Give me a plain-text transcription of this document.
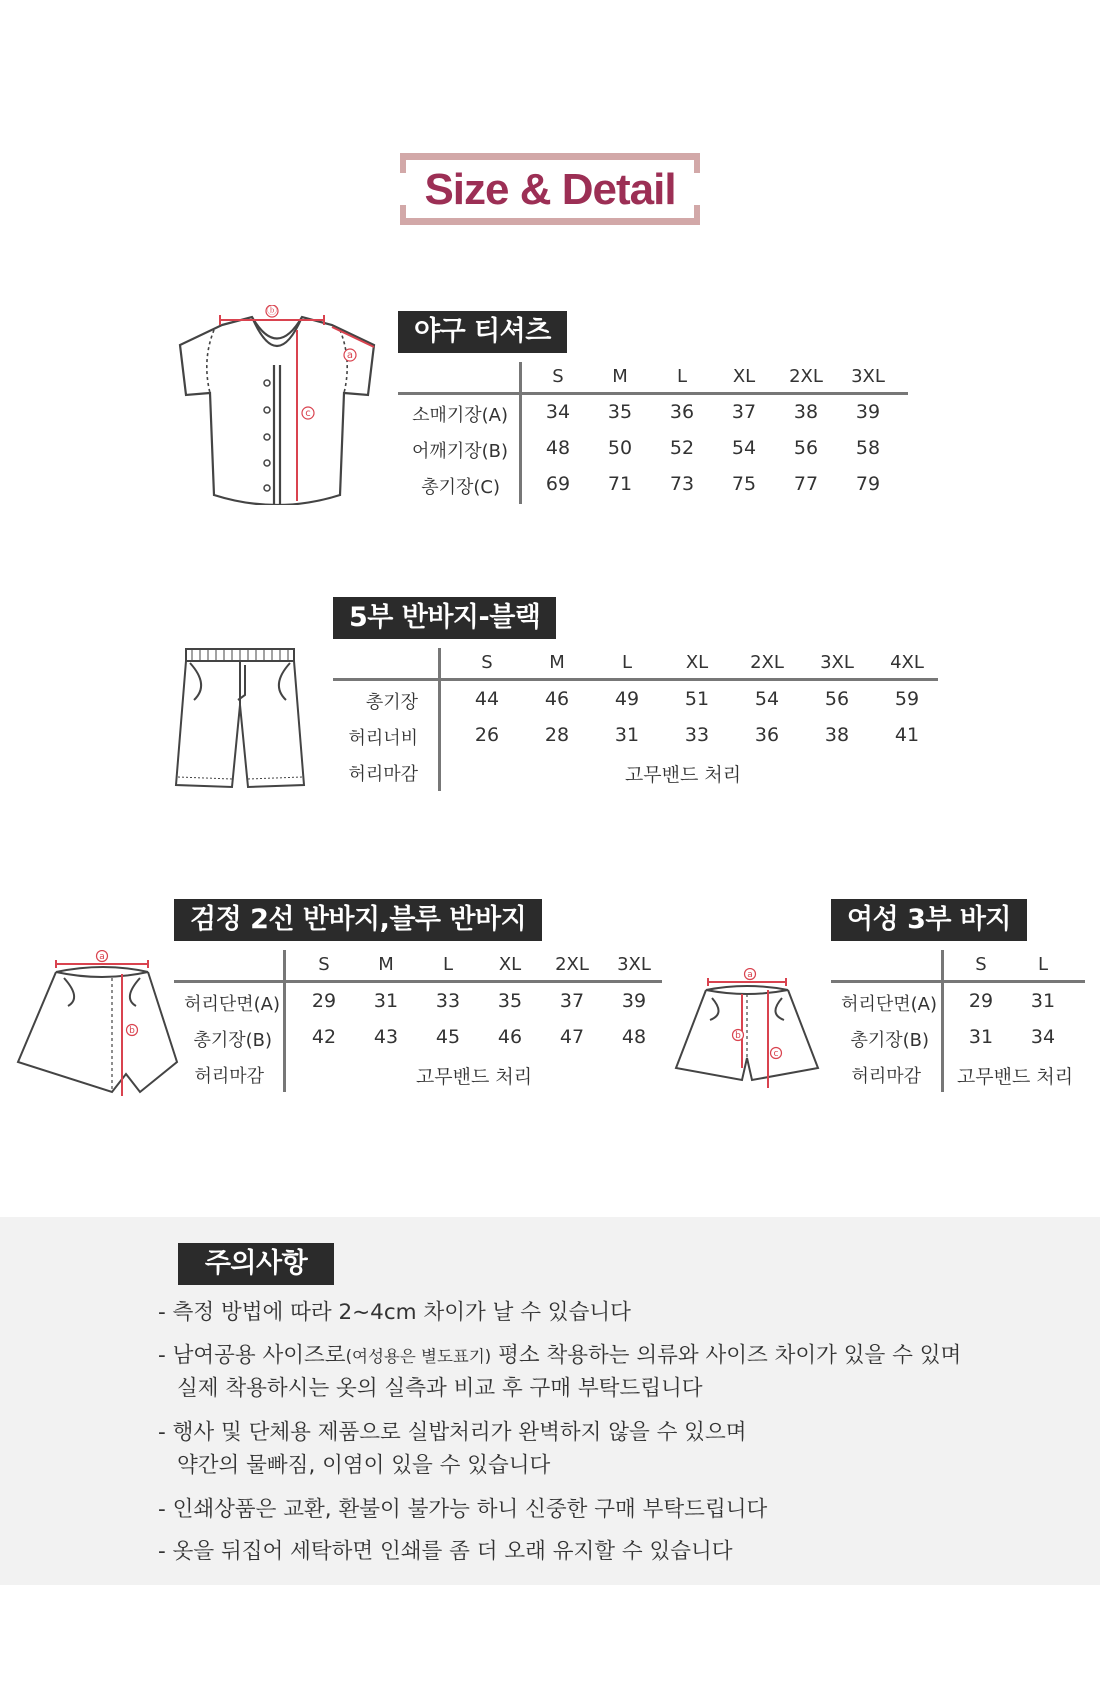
Size & Detail
ⓑ
a
c
야구 티셔츠
S	M	L	XL	2XL 3XL
소매기장(A)	34	35	36	37	38	39
어깨기장(B)	48	50	52	54	56	58
총기장(C)	69	71	73	75	77	79
5부 반바지-블랙
S	M	L	XL	2XL 3XL 4XL
총기장	44	46	49	51	54	56	59
허리너비	26	28	31	33	36	38	41
허리마감	고무밴드 처리
a
b
검정 2선 반바지,블루 반바지
S	M	L	XL	2XL 3XL
허리단면(A)	29	31	33	35	37	39
총기장(B)	42	43	45	46	47	48
허리마감	고무밴드 처리
a
b
c
여성 3부 바지
S	L
허리단면(A)	29	31
총기장(B)	31	34
허리마감	고무밴드 처리
주의사항
- 측정 방법에 따라 2~4cm 차이가 날 수 있습니다
- 남여공용 사이즈로(여성용은 별도표기) 평소 착용하는 의류와 사이즈 차이가 있을 수 있며
실제 착용하시는 옷의 실측과 비교 후 구매 부탁드립니다
- 행사 및 단체용 제품으로 실밥처리가 완벽하지 않을 수 있으며
약간의 물빠짐, 이염이 있을 수 있습니다
- 인쇄상품은 교환, 환불이 불가능 하니 신중한 구매 부탁드립니다
- 옷을 뒤집어 세탁하면 인쇄를 좀 더 오래 유지할 수 있습니다
